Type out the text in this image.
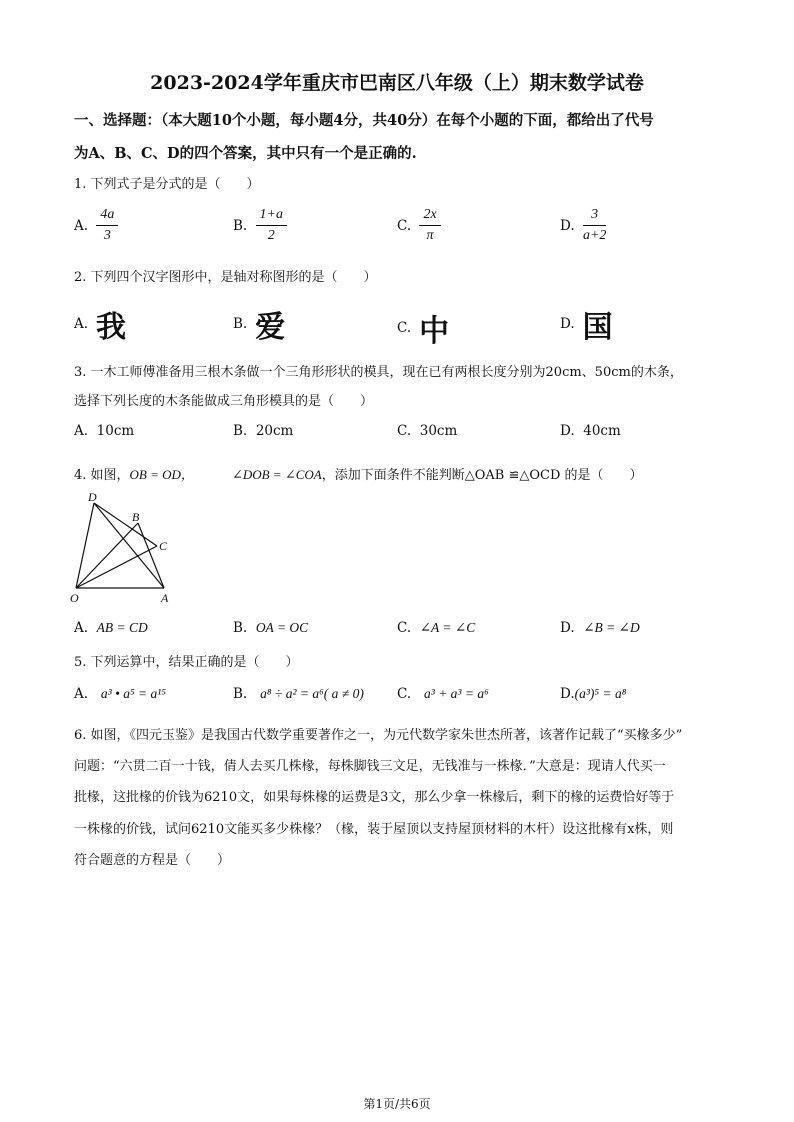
2023-2024学年重庆市巴南区八年级（上）期末数学试卷
一、选择题：（本大题10个小题，每小题4分，共40分）在每个小题的下面，都给出了代号
为A、B、C、D的四个答案，其中只有一个是正确的.
1. 下列式子是分式的是（　　）
A. $\frac{4a}{3}$	B. $\frac{1+a}{2}$	C. $\frac{2x}{\pi}$	D. $\frac{3}{a+2}$
2. 下列四个汉字图形中，是轴对称图形的是（　　）
A. 我	B. 爱	C. 中	D. 国
3. 一木工师傅准备用三根木条做一个三角形形状的模具，现在已有两根长度分别为20cm、50cm的木条，
选择下列长度的木条能做成三角形模具的是（　　）
A. 10cm	B. 20cm	C. 30cm	D. 40cm
4. 如图，OB = OD，	∠DOB = ∠COA，添加下面条件不能判断△OAB ≌△OCD 的是（　　）
D
B
C
O	A
A. AB = CD	B. OA = OC	C. ∠A = ∠C	D. ∠B = ∠D
5. 下列运算中，结果正确的是（　　）
A. a³ • a⁵ = a¹⁵	B. a⁸ ÷ a² = a⁶( a ≠ 0) C. a³ + a³ = a⁶	D.(a³)⁵ = a⁸
6. 如图，《四元玉鉴》是我国古代数学重要著作之一，为元代数学家朱世杰所著，该著作记载了“买椽多少”
问题：“六贯二百一十钱，倩人去买几株椽，每株脚钱三文足，无钱准与一株椽．”大意是：现请人代买一
批椽，这批椽的价钱为6210文，如果每株椽的运费是3文，那么少拿一株椽后，剩下的椽的运费恰好等于
一株椽的价钱，试问6210文能买多少株椽？（椽，装于屋顶以支持屋顶材料的木杆）设这批椽有x株，则
符合题意的方程是（　　）
第1页/共6页
